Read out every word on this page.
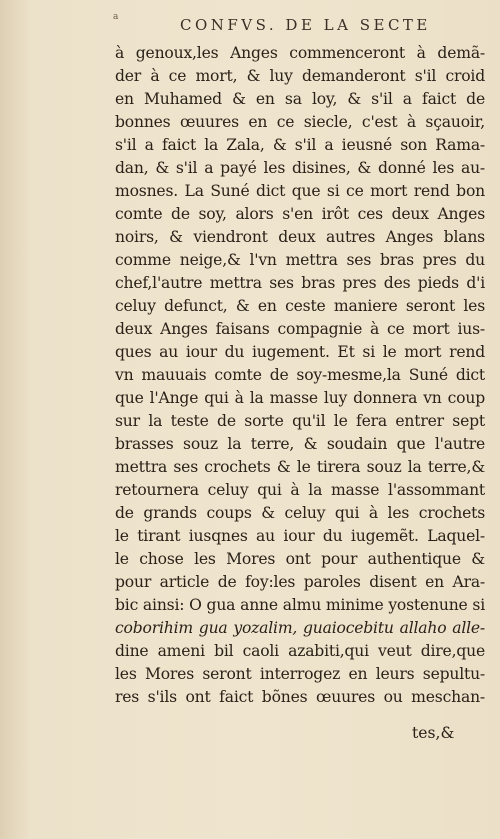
a	CONFVS. DE LA SECTE
à genoux,les Anges commenceront à demã-
der à ce mort, & luy demanderont s'il croid
en Muhamed & en sa loy, & s'il a faict de
bonnes œuures en ce siecle, c'est à sçauoir,
s'il a faict la Zala, & s'il a ieusné son Rama-
dan, & s'il a payé les disines, & donné les au-
mosnes. La Suné dict que si ce mort rend bon
comte de soy, alors s'en irôt ces deux Anges
noirs, & viendront deux autres Anges blans
comme neige,& l'vn mettra ses bras pres du
chef,l'autre mettra ses bras pres des pieds d'i
celuy defunct, & en ceste maniere seront les
deux Anges faisans compagnie à ce mort ius-
ques au iour du iugement. Et si le mort rend
vn mauuais comte de soy-mesme,la Suné dict
que l'Ange qui à la masse luy donnera vn coup
sur la teste de sorte qu'il le fera entrer sept
brasses souz la terre, & soudain que l'autre
mettra ses crochets & le tirera souz la terre,&
retournera celuy qui à la masse l'assommant
de grands coups & celuy qui à les crochets
le tirant iusqnes au iour du iugemẽt. Laquel-
le chose les Mores ont pour authentique &
pour article de foy:les paroles disent en Ara-
bic ainsi: O gua anne almu minime yostenune si
coborihim gua yozalim, guaiocebitu allaho alle-
dine ameni bil caoli azabiti,qui veut dire,que
les Mores seront interrogez en leurs sepultu-
res s'ils ont faict bõnes œuures ou meschan-
tes,&
